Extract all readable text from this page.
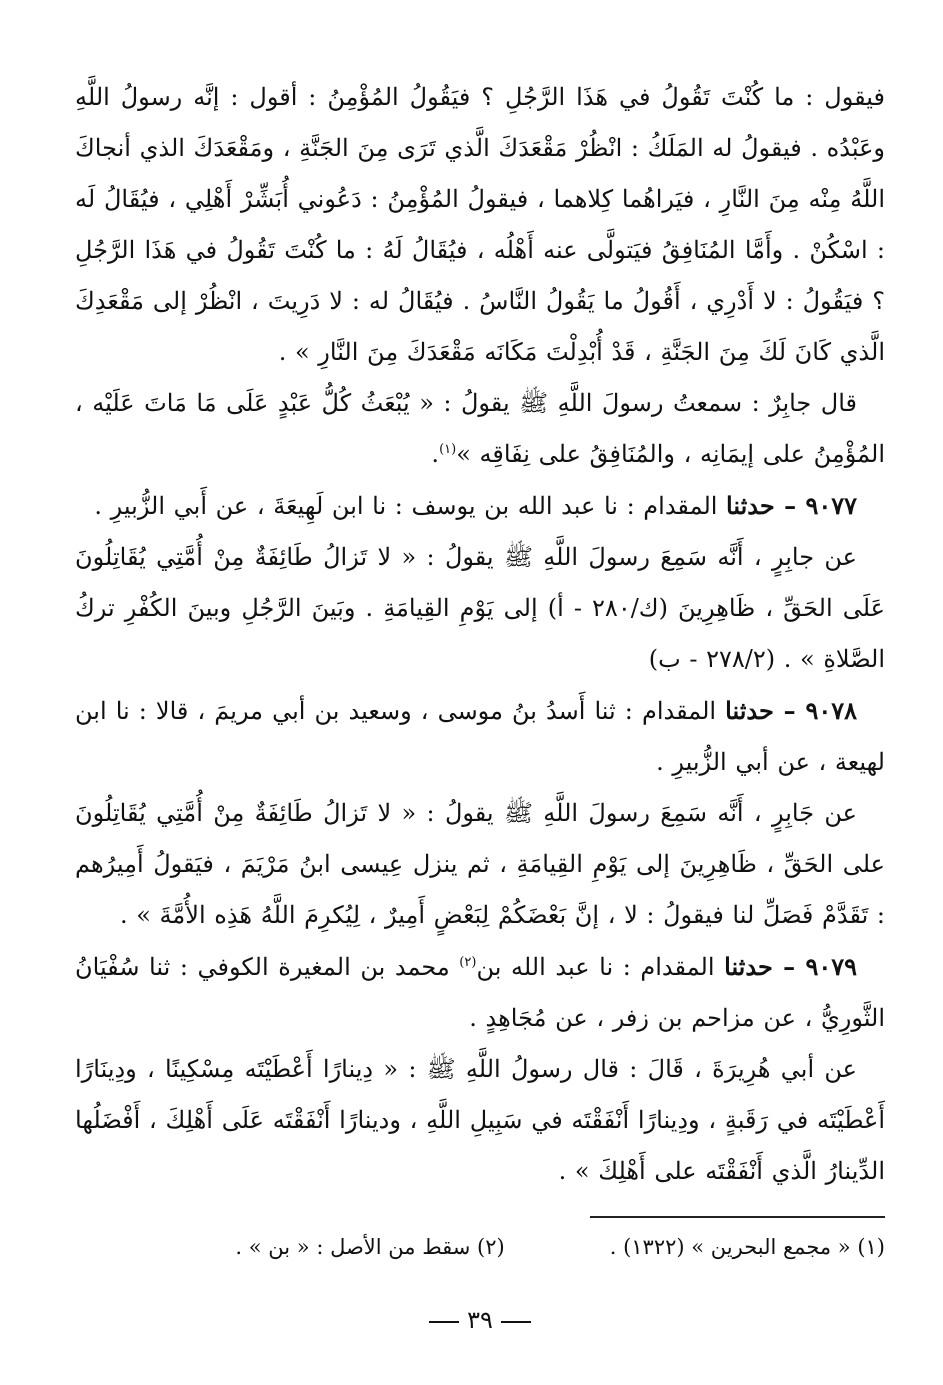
فيقول : ما كُنْتَ تَقُولُ في هَذَا الرَّجُلِ ؟ فيَقُولُ المُؤْمِنُ : أقول : إنَّه رسولُ اللَّهِ وعَبْدُه . فيقولُ له المَلَكُ : انْظُرْ مَقْعَدَكَ الَّذي تَرَى مِنَ الجَنَّةِ ، ومَقْعَدَكَ الذي أنجاكَ اللَّهُ مِنْه مِنَ النَّارِ ، فيَراهُما كِلاهما ، فيقولُ المُؤْمِنُ : دَعُوني أُبَشِّرْ أَهْلِي ، فيُقَالُ لَه : اسْكُنْ . وأَمَّا المُنَافِقُ فيَتولَّى عنه أَهْلُه ، فيُقَالُ لَهُ : ما كُنْتَ تَقُولُ في هَذَا الرَّجُلِ ؟ فيَقُولُ : لا أَدْرِي ، أَقُولُ ما يَقُولُ النَّاسُ . فيُقَالُ له : لا دَرِيتَ ، انْظُرْ إلى مَقْعَدِكَ الَّذي كَانَ لَكَ مِنَ الجَنَّةِ ، قَدْ أُبْدِلْتَ مَكَانَه مَقْعَدَكَ مِنَ النَّارِ » .

قال جابِرٌ : سمعتُ رسولَ اللَّهِ ﷺ يقولُ : « يُبْعَثُ كُلُّ عَبْدٍ عَلَى مَا مَاتَ عَلَيْه ، المُؤْمِنُ على إيمَانِه ، والمُنَافِقُ على نِفَاقِه »$^{(١)}$.

٩٠٧٧ – حدثنا المقدام : نا عبد الله بن يوسف : نا ابن لَهِيعَةَ ، عن أَبي الزُّبيرِ .

عن جابِرٍ ، أَنَّه سَمِعَ رسولَ اللَّهِ ﷺ يقولُ : « لا تَزالُ طَائِفَةٌ مِنْ أُمَّتِي يُقَاتِلُونَ عَلَى الحَقِّ ، ظَاهِرِينَ (ك/٢٨٠ - أ) إلى يَوْمِ القِيامَةِ . وبَينَ الرَّجُلِ وبينَ الكُفْرِ تركُ الصَّلاةِ » . (٢٧٨/٢ - ب)

٩٠٧٨ – حدثنا المقدام : ثنا أَسدُ بنُ موسى ، وسعيد بن أبي مريمَ ، قالا : نا ابن لهيعة ، عن أبي الزُّبيرِ .

عن جَابِرٍ ، أَنَّه سَمِعَ رسولَ اللَّهِ ﷺ يقولُ : « لا تَزالُ طَائِفَةٌ مِنْ أُمَّتِي يُقَاتِلُونَ على الحَقِّ ، ظَاهِرِينَ إلى يَوْمِ القِيامَةِ ، ثم ينزل عِيسى ابنُ مَرْيَمَ ، فيَقولُ أَمِيرُهم : تَقَدَّمْ فَصَلِّ لنا فيقولُ : لا ، إنَّ بَعْضَكُمْ لِبَعْضٍ أَمِيرٌ ، لِيُكرِمَ اللَّهُ هَذِه الأُمَّةَ » .

٩٠٧٩ – حدثنا المقدام : نا عبد الله بن$^{(٢)}$ محمد بن المغيرة الكوفي : ثنا سُفْيَانُ الثَّورِيُّ ، عن مزاحم بن زفر ، عن مُجَاهِدٍ .

عن أبي هُرِيرَةَ ، قَالَ : قال رسولُ اللَّهِ ﷺ : « دِينارًا أَعْطَيْتَه مِسْكِينًا ، ودِينَارًا أَعْطَيْتَه في رَقَبةٍ ، ودِينارًا أَنْفَقْتَه في سَبِيلِ اللَّهِ ، ودينارًا أَنْفَقْتَه عَلَى أَهْلِكَ ، أَفْضَلُها الدِّينارُ الَّذي أَنْفَقْتَه على أَهْلِكَ » .

(١) « مجمع البحرين » (١٣٢٢) .
(٢) سقط من الأصل : « بن » .
٣٩
